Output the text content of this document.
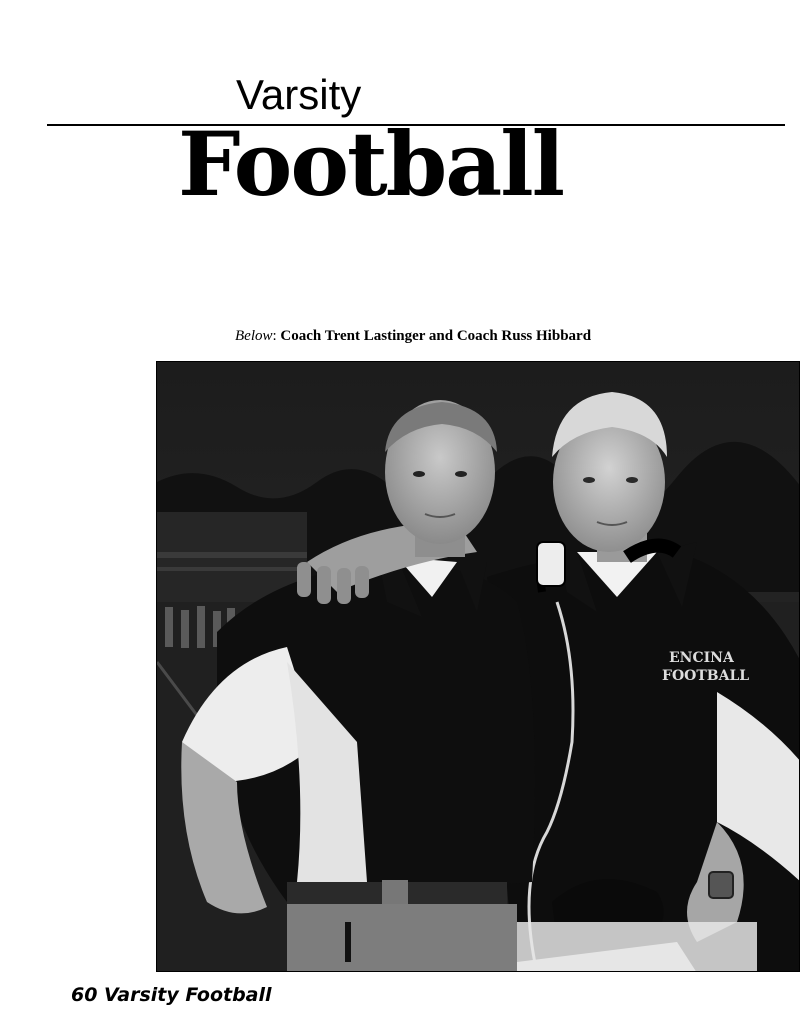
Varsity
Football
Below: Coach Trent Lastinger and Coach Russ Hibbard
ENCINA
FOOTBALL
60 Varsity Football
